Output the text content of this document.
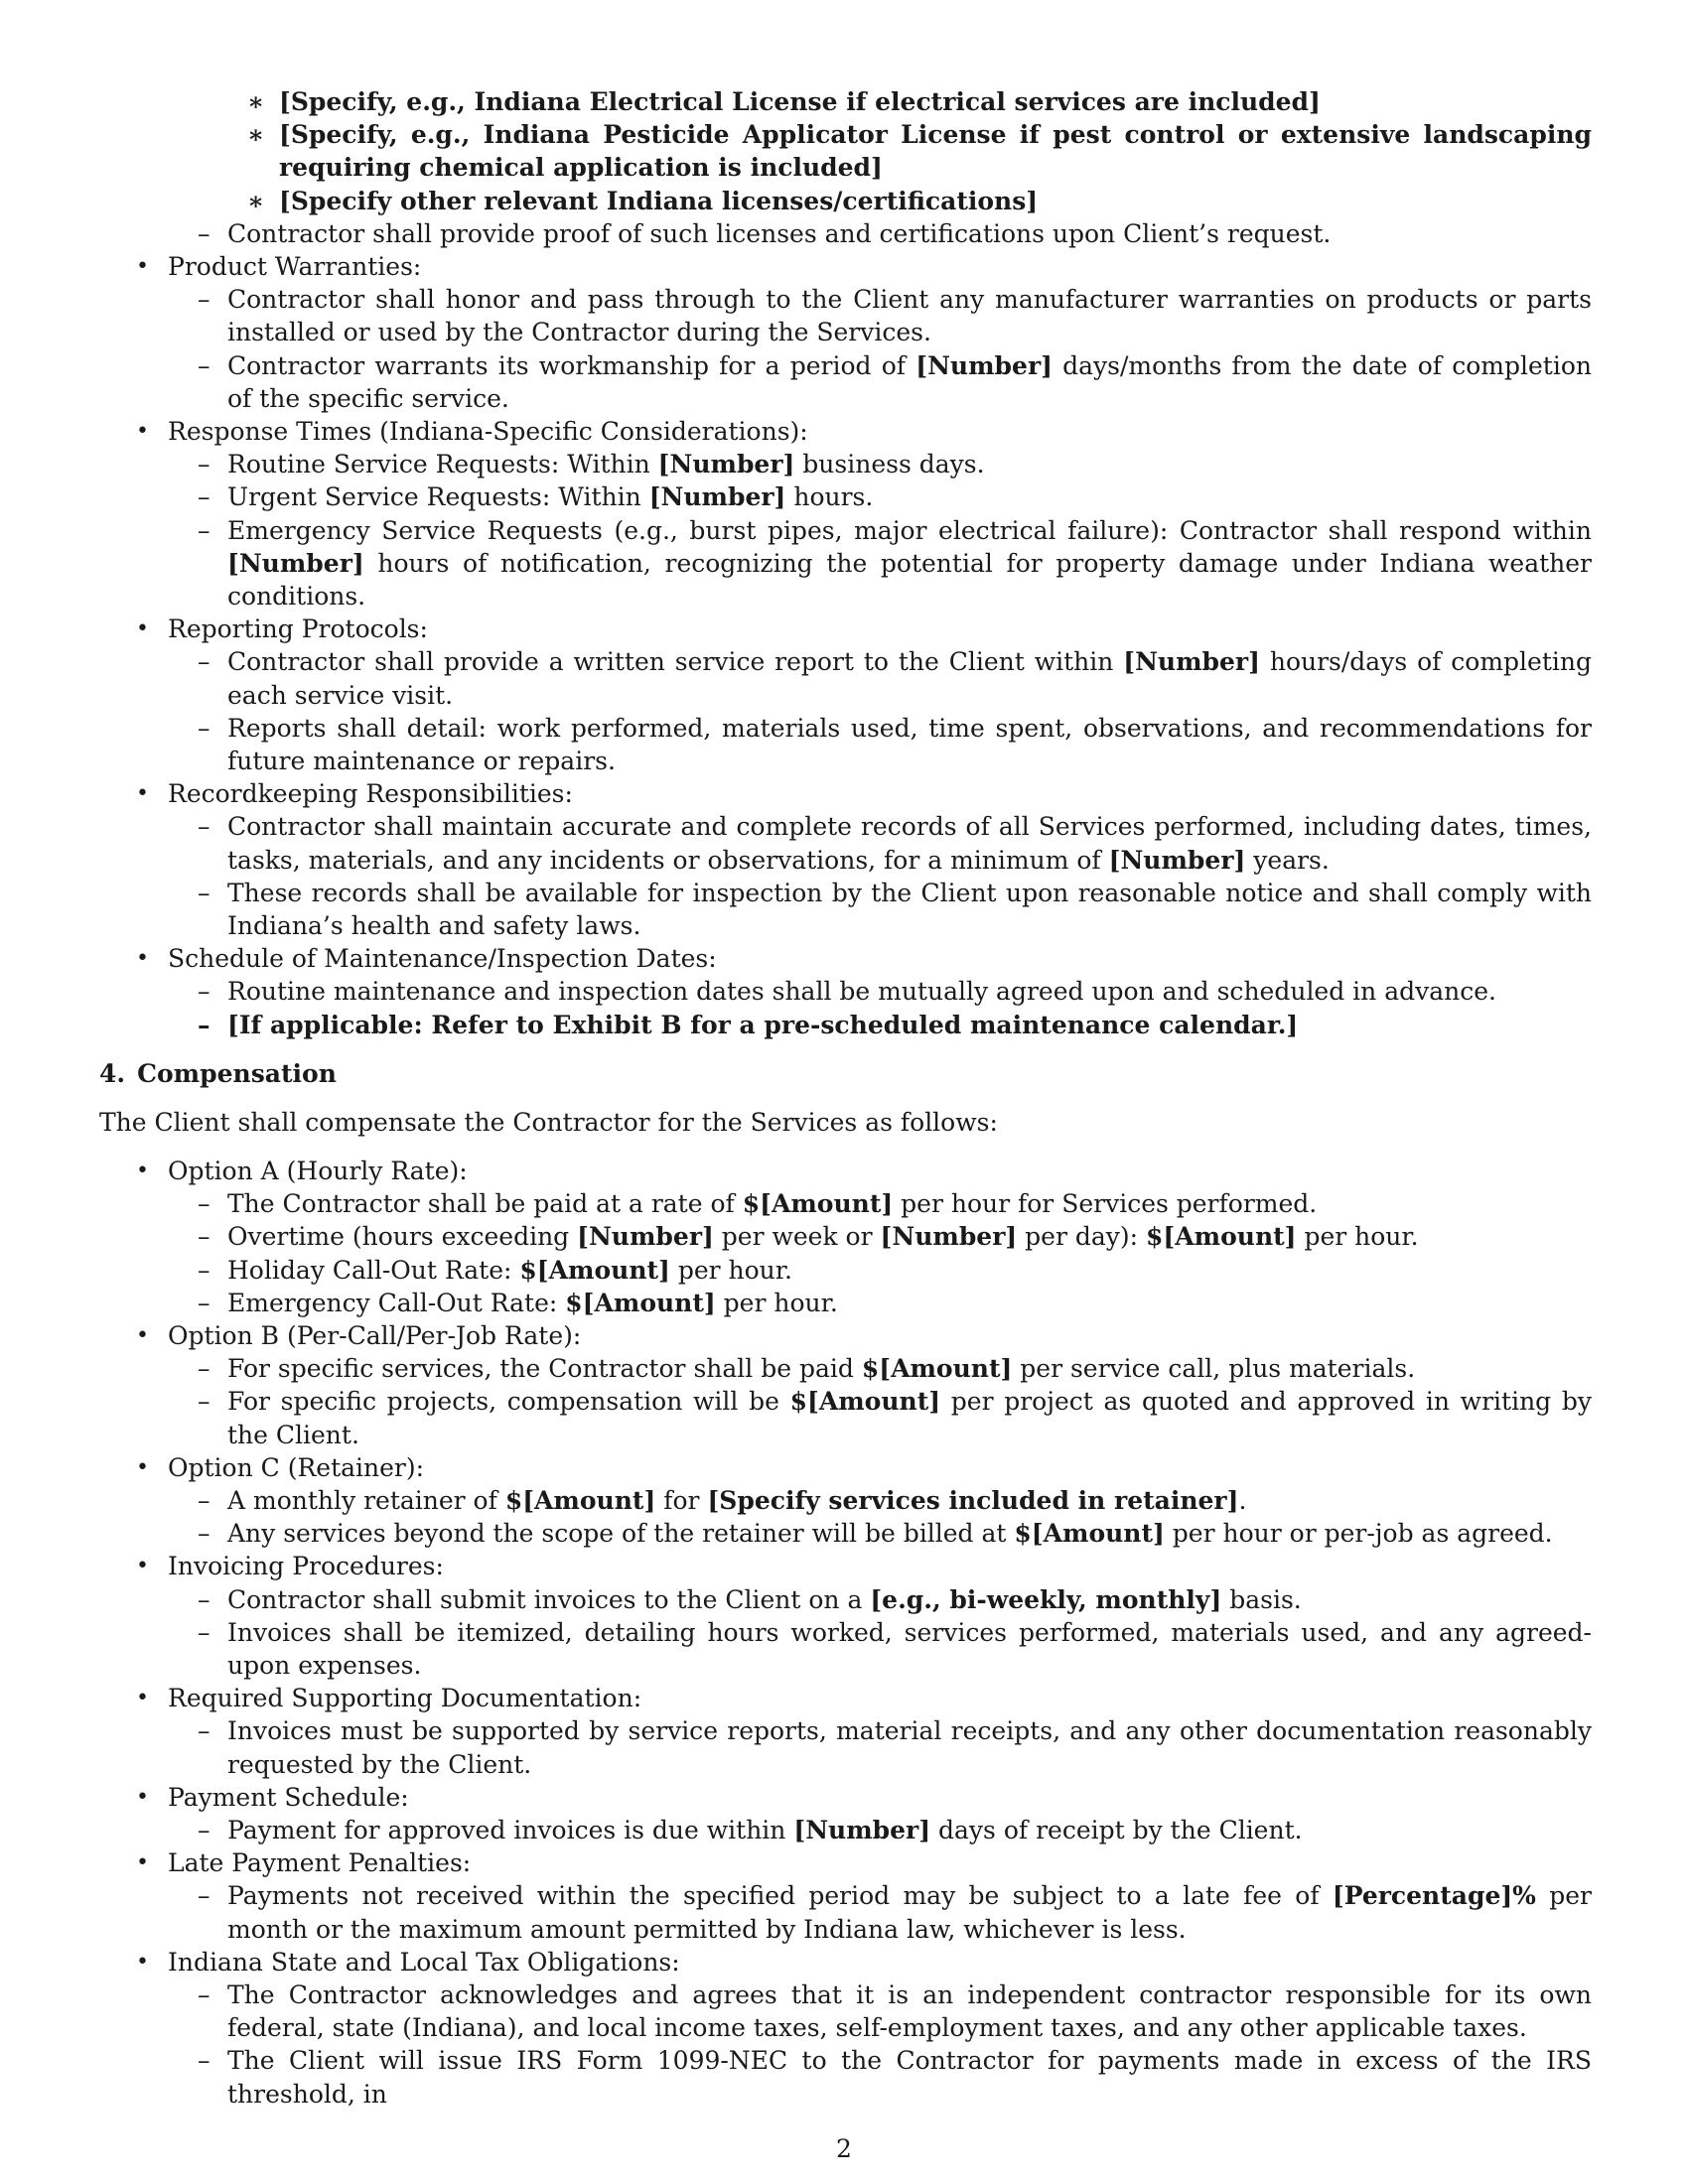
∗ [Specify, e.g., Indiana Electrical License if electrical services are included]
∗ [Specify, e.g., Indiana Pesticide Applicator License if pest control or extensive landscaping requiring chemical application is included]
∗ [Specify other relevant Indiana licenses/certifications]
– Contractor shall provide proof of such licenses and certifications upon Client’s request.
• Product Warranties:
– Contractor shall honor and pass through to the Client any manufacturer warranties on products or parts installed or used by the Contractor during the Services.
– Contractor warrants its workmanship for a period of [Number] days/months from the date of completion of the specific service.
• Response Times (Indiana-Specific Considerations):
– Routine Service Requests: Within [Number] business days.
– Urgent Service Requests: Within [Number] hours.
– Emergency Service Requests (e.g., burst pipes, major electrical failure): Contractor shall respond within [Number] hours of notification, recognizing the potential for property damage under Indiana weather conditions.
• Reporting Protocols:
– Contractor shall provide a written service report to the Client within [Number] hours/days of completing each service visit.
– Reports shall detail: work performed, materials used, time spent, observations, and recommendations for future maintenance or repairs.
• Recordkeeping Responsibilities:
– Contractor shall maintain accurate and complete records of all Services performed, including dates, times, tasks, materials, and any incidents or observations, for a minimum of [Number] years.
– These records shall be available for inspection by the Client upon reasonable notice and shall comply with Indiana’s health and safety laws.
• Schedule of Maintenance/Inspection Dates:
– Routine maintenance and inspection dates shall be mutually agreed upon and scheduled in advance.
– [If applicable: Refer to Exhibit B for a pre-scheduled maintenance calendar.]
4. Compensation
The Client shall compensate the Contractor for the Services as follows:
• Option A (Hourly Rate):
– The Contractor shall be paid at a rate of $[Amount] per hour for Services performed.
– Overtime (hours exceeding [Number] per week or [Number] per day): $[Amount] per hour.
– Holiday Call-Out Rate: $[Amount] per hour.
– Emergency Call-Out Rate: $[Amount] per hour.
• Option B (Per-Call/Per-Job Rate):
– For specific services, the Contractor shall be paid $[Amount] per service call, plus materials.
– For specific projects, compensation will be $[Amount] per project as quoted and approved in writing by the Client.
• Option C (Retainer):
– A monthly retainer of $[Amount] for [Specify services included in retainer].
– Any services beyond the scope of the retainer will be billed at $[Amount] per hour or per-job as agreed.
• Invoicing Procedures:
– Contractor shall submit invoices to the Client on a [e.g., bi-weekly, monthly] basis.
– Invoices shall be itemized, detailing hours worked, services performed, materials used, and any agreed-upon expenses.
• Required Supporting Documentation:
– Invoices must be supported by service reports, material receipts, and any other documentation reasonably requested by the Client.
• Payment Schedule:
– Payment for approved invoices is due within [Number] days of receipt by the Client.
• Late Payment Penalties:
– Payments not received within the specified period may be subject to a late fee of [Percentage]% per month or the maximum amount permitted by Indiana law, whichever is less.
• Indiana State and Local Tax Obligations:
– The Contractor acknowledges and agrees that it is an independent contractor responsible for its own federal, state (Indiana), and local income taxes, self-employment taxes, and any other applicable taxes.
– The Client will issue IRS Form 1099-NEC to the Contractor for payments made in excess of the IRS threshold, in
2
